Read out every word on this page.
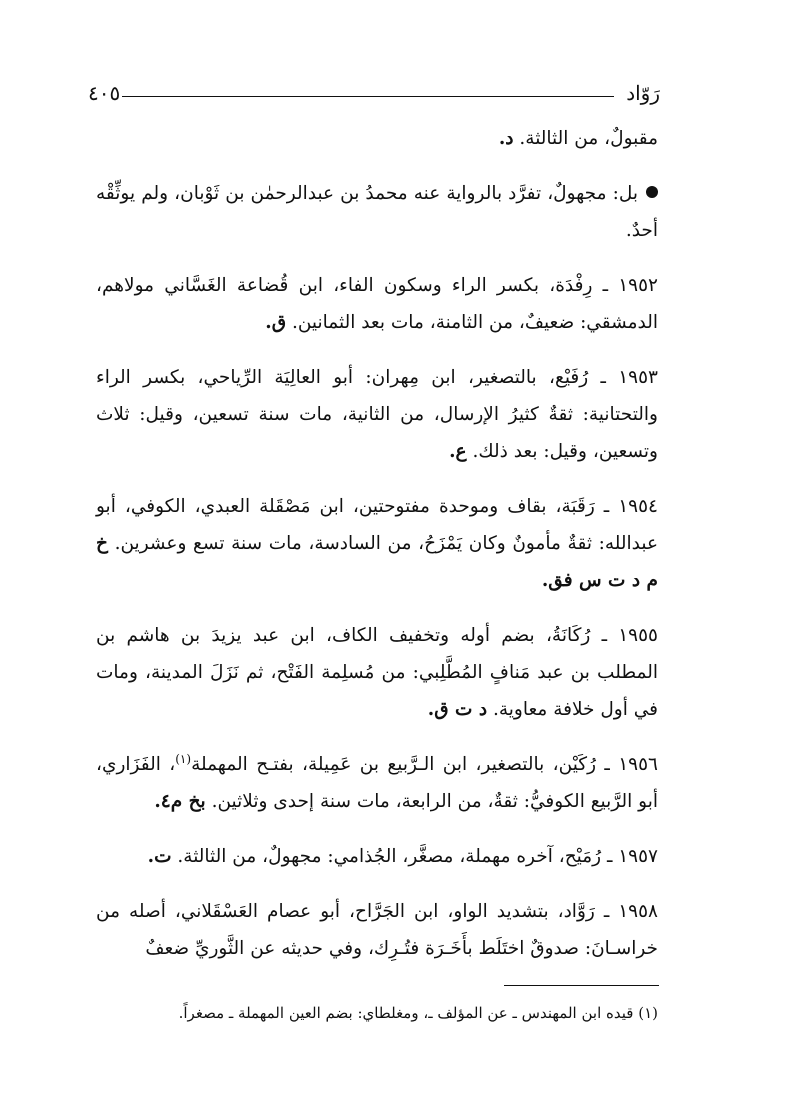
٤٠٥	رَوّاد

مقبولٌ، من الثالثة. د.

بل: مجهولٌ، تفرَّد بالرواية عنه محمدُ بن عبدالرحمٰن بن ثَوْبان، ولم يوثِّقْه أحدٌ.

١٩٥٢ ـ رِفْدَة، بكسر الراء وسكون الفاء، ابن قُضاعة الغَسَّاني مولاهم، الدمشقي: ضعيفٌ، من الثامنة، مات بعد الثمانين. ق.

١٩٥٣ ـ رُفَيْع، بالتصغير، ابن مِهران: أبو العالِيَة الرِّياحي، بكسر الراء والتحتانية: ثقةٌ كثيرُ الإرسال، من الثانية، مات سنة تسعين، وقيل: ثلاث وتسعين، وقيل: بعد ذلك. ع.

١٩٥٤ ـ رَقَبَة، بقاف وموحدة مفتوحتين، ابن مَصْقَلة العبدي، الكوفي، أبو عبدالله: ثقةٌ مأمونٌ وكان يَمْزَحُ، من السادسة، مات سنة تسع وعشرين. خ م د ت س فق.

١٩٥٥ ـ رُكَانَةُ، بضم أوله وتخفيف الكاف، ابن عبد يزيدَ بن هاشم بن المطلب بن عبد مَنافٍ المُطَّلِبي: من مُسلِمة الفَتْح، ثم نَزَلَ المدينة، ومات في أول خلافة معاوية. د ت ق.

١٩٥٦ ـ رُكَيْن، بالتصغير، ابن الـرَّبيع بن عَمِيلة، بفتـح المهملة$^{(١)}$، الفَزَاري، أبو الرَّبيع الكوفيُّ: ثقةٌ، من الرابعة، مات سنة إحدى وثلاثين. بخ م٤.

١٩٥٧ ـ رُمَيْح، آخره مهملة، مصغَّر، الجُذامي: مجهولٌ، من الثالثة. ت.

١٩٥٨ ـ رَوَّاد، بتشديد الواو، ابن الجَرَّاح، أبو عصام العَسْقَلاني، أصله من خراسـانَ: صدوقٌ اختَلَط بأَخَـرَة فتُـرِك، وفي حديثه عن الثَّوريِّ ضعفٌ

(١) قيده ابن المهندس ـ عن المؤلف ـ، ومغلطاي: بضم العين المهملة ـ مصغراً.
